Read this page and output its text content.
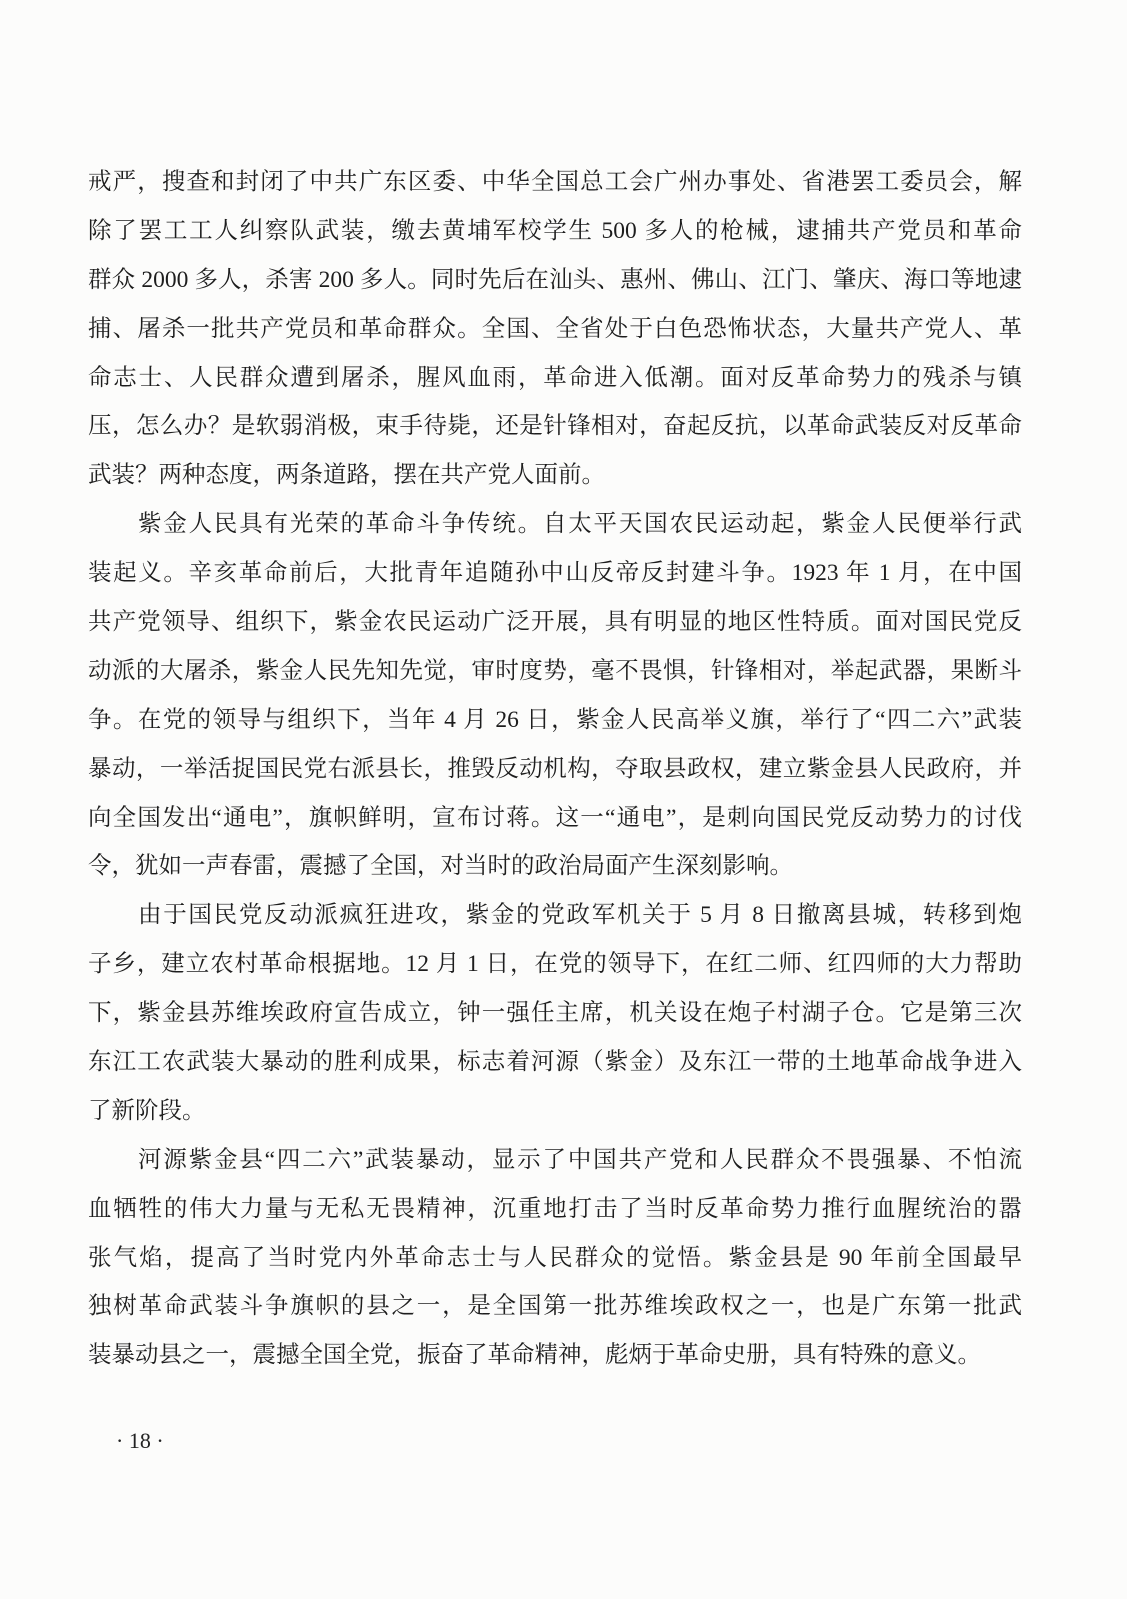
戒严，搜查和封闭了中共广东区委、中华全国总工会广州办事处、省港罢工委员会，解
除了罢工工人纠察队武装，缴去黄埔军校学生 500 多人的枪械，逮捕共产党员和革命
群众 2000 多人，杀害 200 多人。同时先后在汕头、惠州、佛山、江门、肇庆、海口等地逮
捕、屠杀一批共产党员和革命群众。全国、全省处于白色恐怖状态，大量共产党人、革
命志士、人民群众遭到屠杀，腥风血雨，革命进入低潮。面对反革命势力的残杀与镇
压，怎么办？是软弱消极，束手待毙，还是针锋相对，奋起反抗，以革命武装反对反革命
武装？两种态度，两条道路，摆在共产党人面前。
紫金人民具有光荣的革命斗争传统。自太平天国农民运动起，紫金人民便举行武
装起义。辛亥革命前后，大批青年追随孙中山反帝反封建斗争。1923 年 1 月，在中国
共产党领导、组织下，紫金农民运动广泛开展，具有明显的地区性特质。面对国民党反
动派的大屠杀，紫金人民先知先觉，审时度势，毫不畏惧，针锋相对，举起武器，果断斗
争。在党的领导与组织下，当年 4 月 26 日，紫金人民高举义旗，举行了“四二六”武装
暴动，一举活捉国民党右派县长，推毁反动机构，夺取县政权，建立紫金县人民政府，并
向全国发出“通电”，旗帜鲜明，宣布讨蒋。这一“通电”，是刺向国民党反动势力的讨伐
令，犹如一声春雷，震撼了全国，对当时的政治局面产生深刻影响。
由于国民党反动派疯狂进攻，紫金的党政军机关于 5 月 8 日撤离县城，转移到炮
子乡，建立农村革命根据地。12 月 1 日，在党的领导下，在红二师、红四师的大力帮助
下，紫金县苏维埃政府宣告成立，钟一强任主席，机关设在炮子村湖子仓。它是第三次
东江工农武装大暴动的胜利成果，标志着河源（紫金）及东江一带的土地革命战争进入
了新阶段。
河源紫金县“四二六”武装暴动，显示了中国共产党和人民群众不畏强暴、不怕流
血牺牲的伟大力量与无私无畏精神，沉重地打击了当时反革命势力推行血腥统治的嚣
张气焰，提高了当时党内外革命志士与人民群众的觉悟。紫金县是 90 年前全国最早
独树革命武装斗争旗帜的县之一，是全国第一批苏维埃政权之一，也是广东第一批武
装暴动县之一，震撼全国全党，振奋了革命精神，彪炳于革命史册，具有特殊的意义。
· 18 ·
